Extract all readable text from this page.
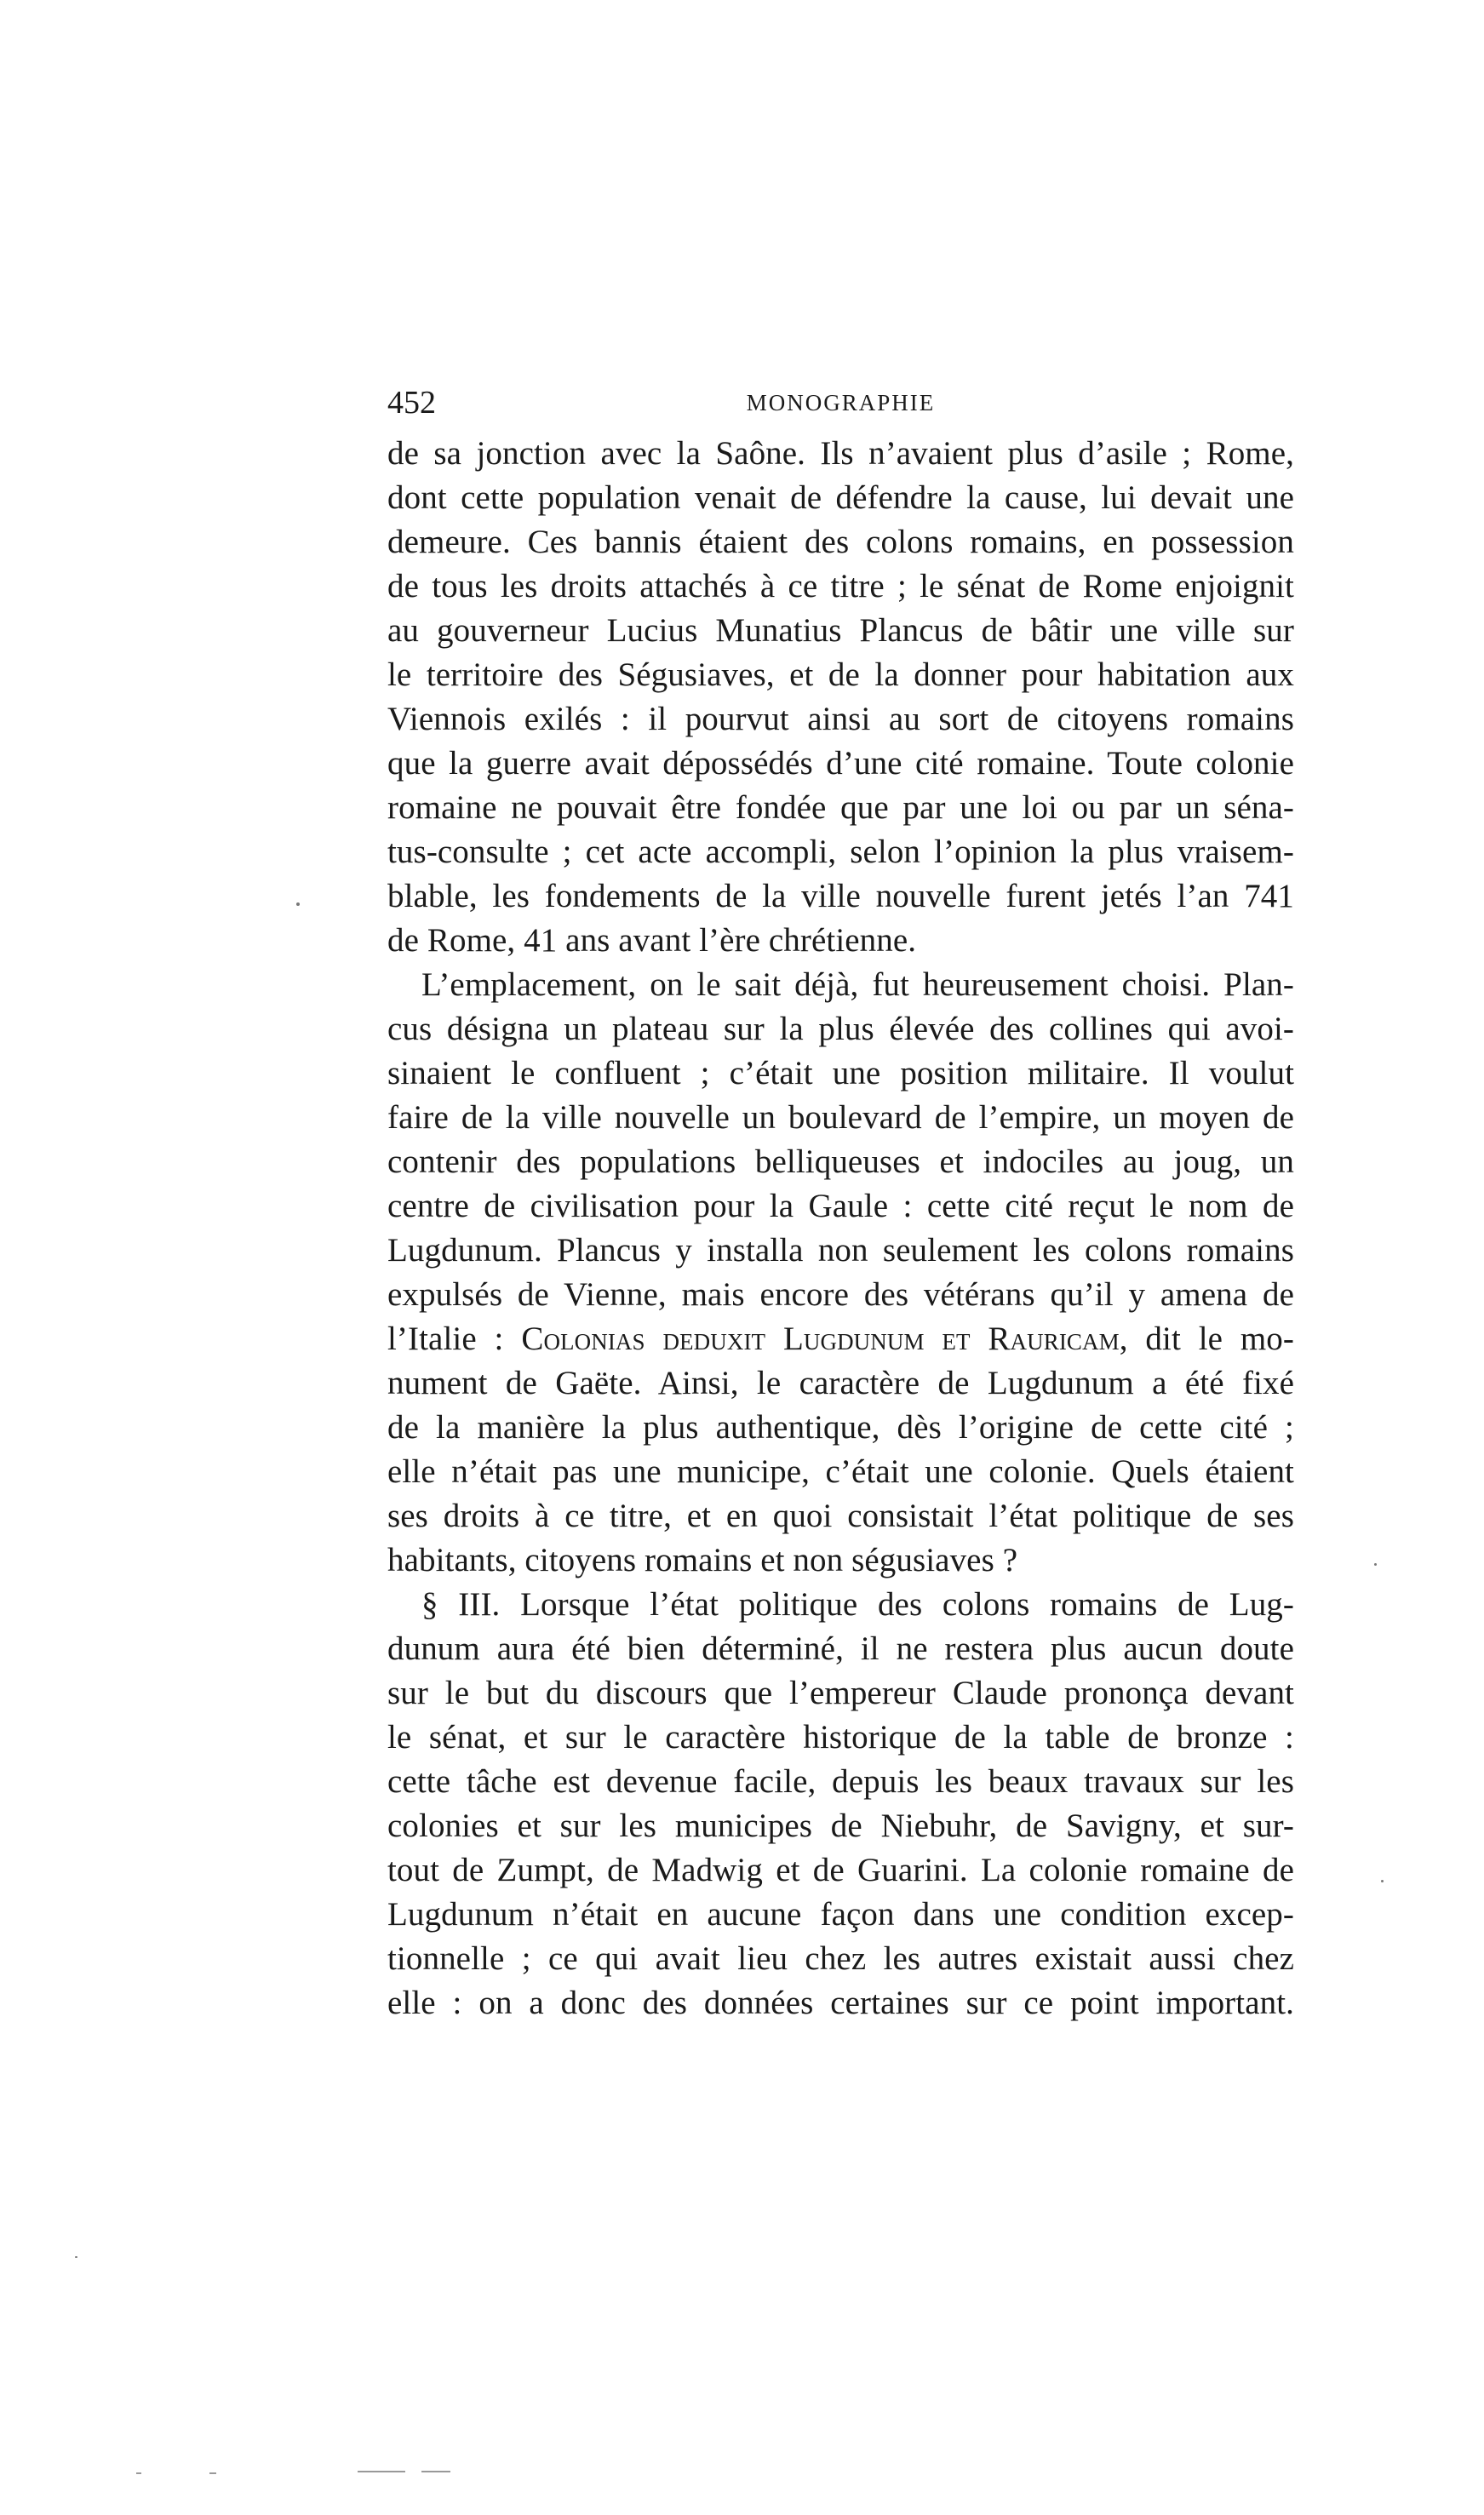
452	MONOGRAPHIE
de sa jonction avec la Saône. Ils n’avaient plus d’asile ; Rome,
dont cette population venait de défendre la cause, lui devait une
demeure. Ces bannis étaient des colons romains, en possession
de tous les droits attachés à ce titre ; le sénat de Rome enjoignit
au gouverneur Lucius Munatius Plancus de bâtir une ville sur
le territoire des Ségusiaves, et de la donner pour habitation aux
Viennois exilés : il pourvut ainsi au sort de citoyens romains
que la guerre avait dépossédés d’une cité romaine. Toute colonie
romaine ne pouvait être fondée que par une loi ou par un séna-
tus-consulte ; cet acte accompli, selon l’opinion la plus vraisem-
blable, les fondements de la ville nouvelle furent jetés l’an 741
de Rome, 41 ans avant l’ère chrétienne.
L’emplacement, on le sait déjà, fut heureusement choisi. Plan-
cus désigna un plateau sur la plus élevée des collines qui avoi-
sinaient le confluent ; c’était une position militaire. Il voulut
faire de la ville nouvelle un boulevard de l’empire, un moyen de
contenir des populations belliqueuses et indociles au joug, un
centre de civilisation pour la Gaule : cette cité reçut le nom de
Lugdunum. Plancus y installa non seulement les colons romains
expulsés de Vienne, mais encore des vétérans qu’il y amena de
l’Italie : Colonias deduxit Lugdunum et Rauricam, dit le mo-
nument de Gaëte. Ainsi, le caractère de Lugdunum a été fixé
de la manière la plus authentique, dès l’origine de cette cité ;
elle n’était pas une municipe, c’était une colonie. Quels étaient
ses droits à ce titre, et en quoi consistait l’état politique de ses
habitants, citoyens romains et non ségusiaves ?
§ III. Lorsque l’état politique des colons romains de Lug-
dunum aura été bien déterminé, il ne restera plus aucun doute
sur le but du discours que l’empereur Claude prononça devant
le sénat, et sur le caractère historique de la table de bronze :
cette tâche est devenue facile, depuis les beaux travaux sur les
colonies et sur les municipes de Niebuhr, de Savigny, et sur-
tout de Zumpt, de Madwig et de Guarini. La colonie romaine de
Lugdunum n’était en aucune façon dans une condition excep-
tionnelle ; ce qui avait lieu chez les autres existait aussi chez
elle : on a donc des données certaines sur ce point important.
